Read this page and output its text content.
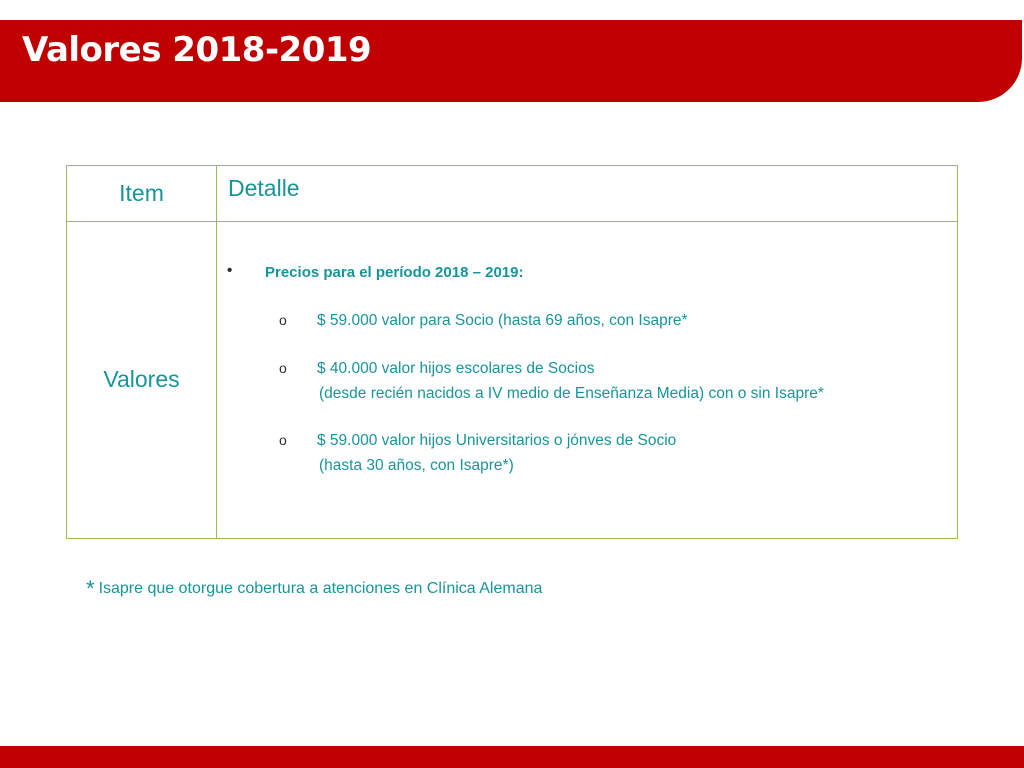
Valores 2018-2019
Item	Detalle
Valores
• Precios para el período 2018 – 2019:
o $ 59.000 valor para Socio (hasta 69 años, con Isapre*
o $ 40.000 valor hijos escolares de Socios
(desde recién nacidos a IV medio de Enseñanza Media) con o sin Isapre*
o $ 59.000 valor hijos Universitarios o jónves de Socio
(hasta 30 años, con Isapre*)
* Isapre que otorgue cobertura a atenciones en Clínica Alemana
